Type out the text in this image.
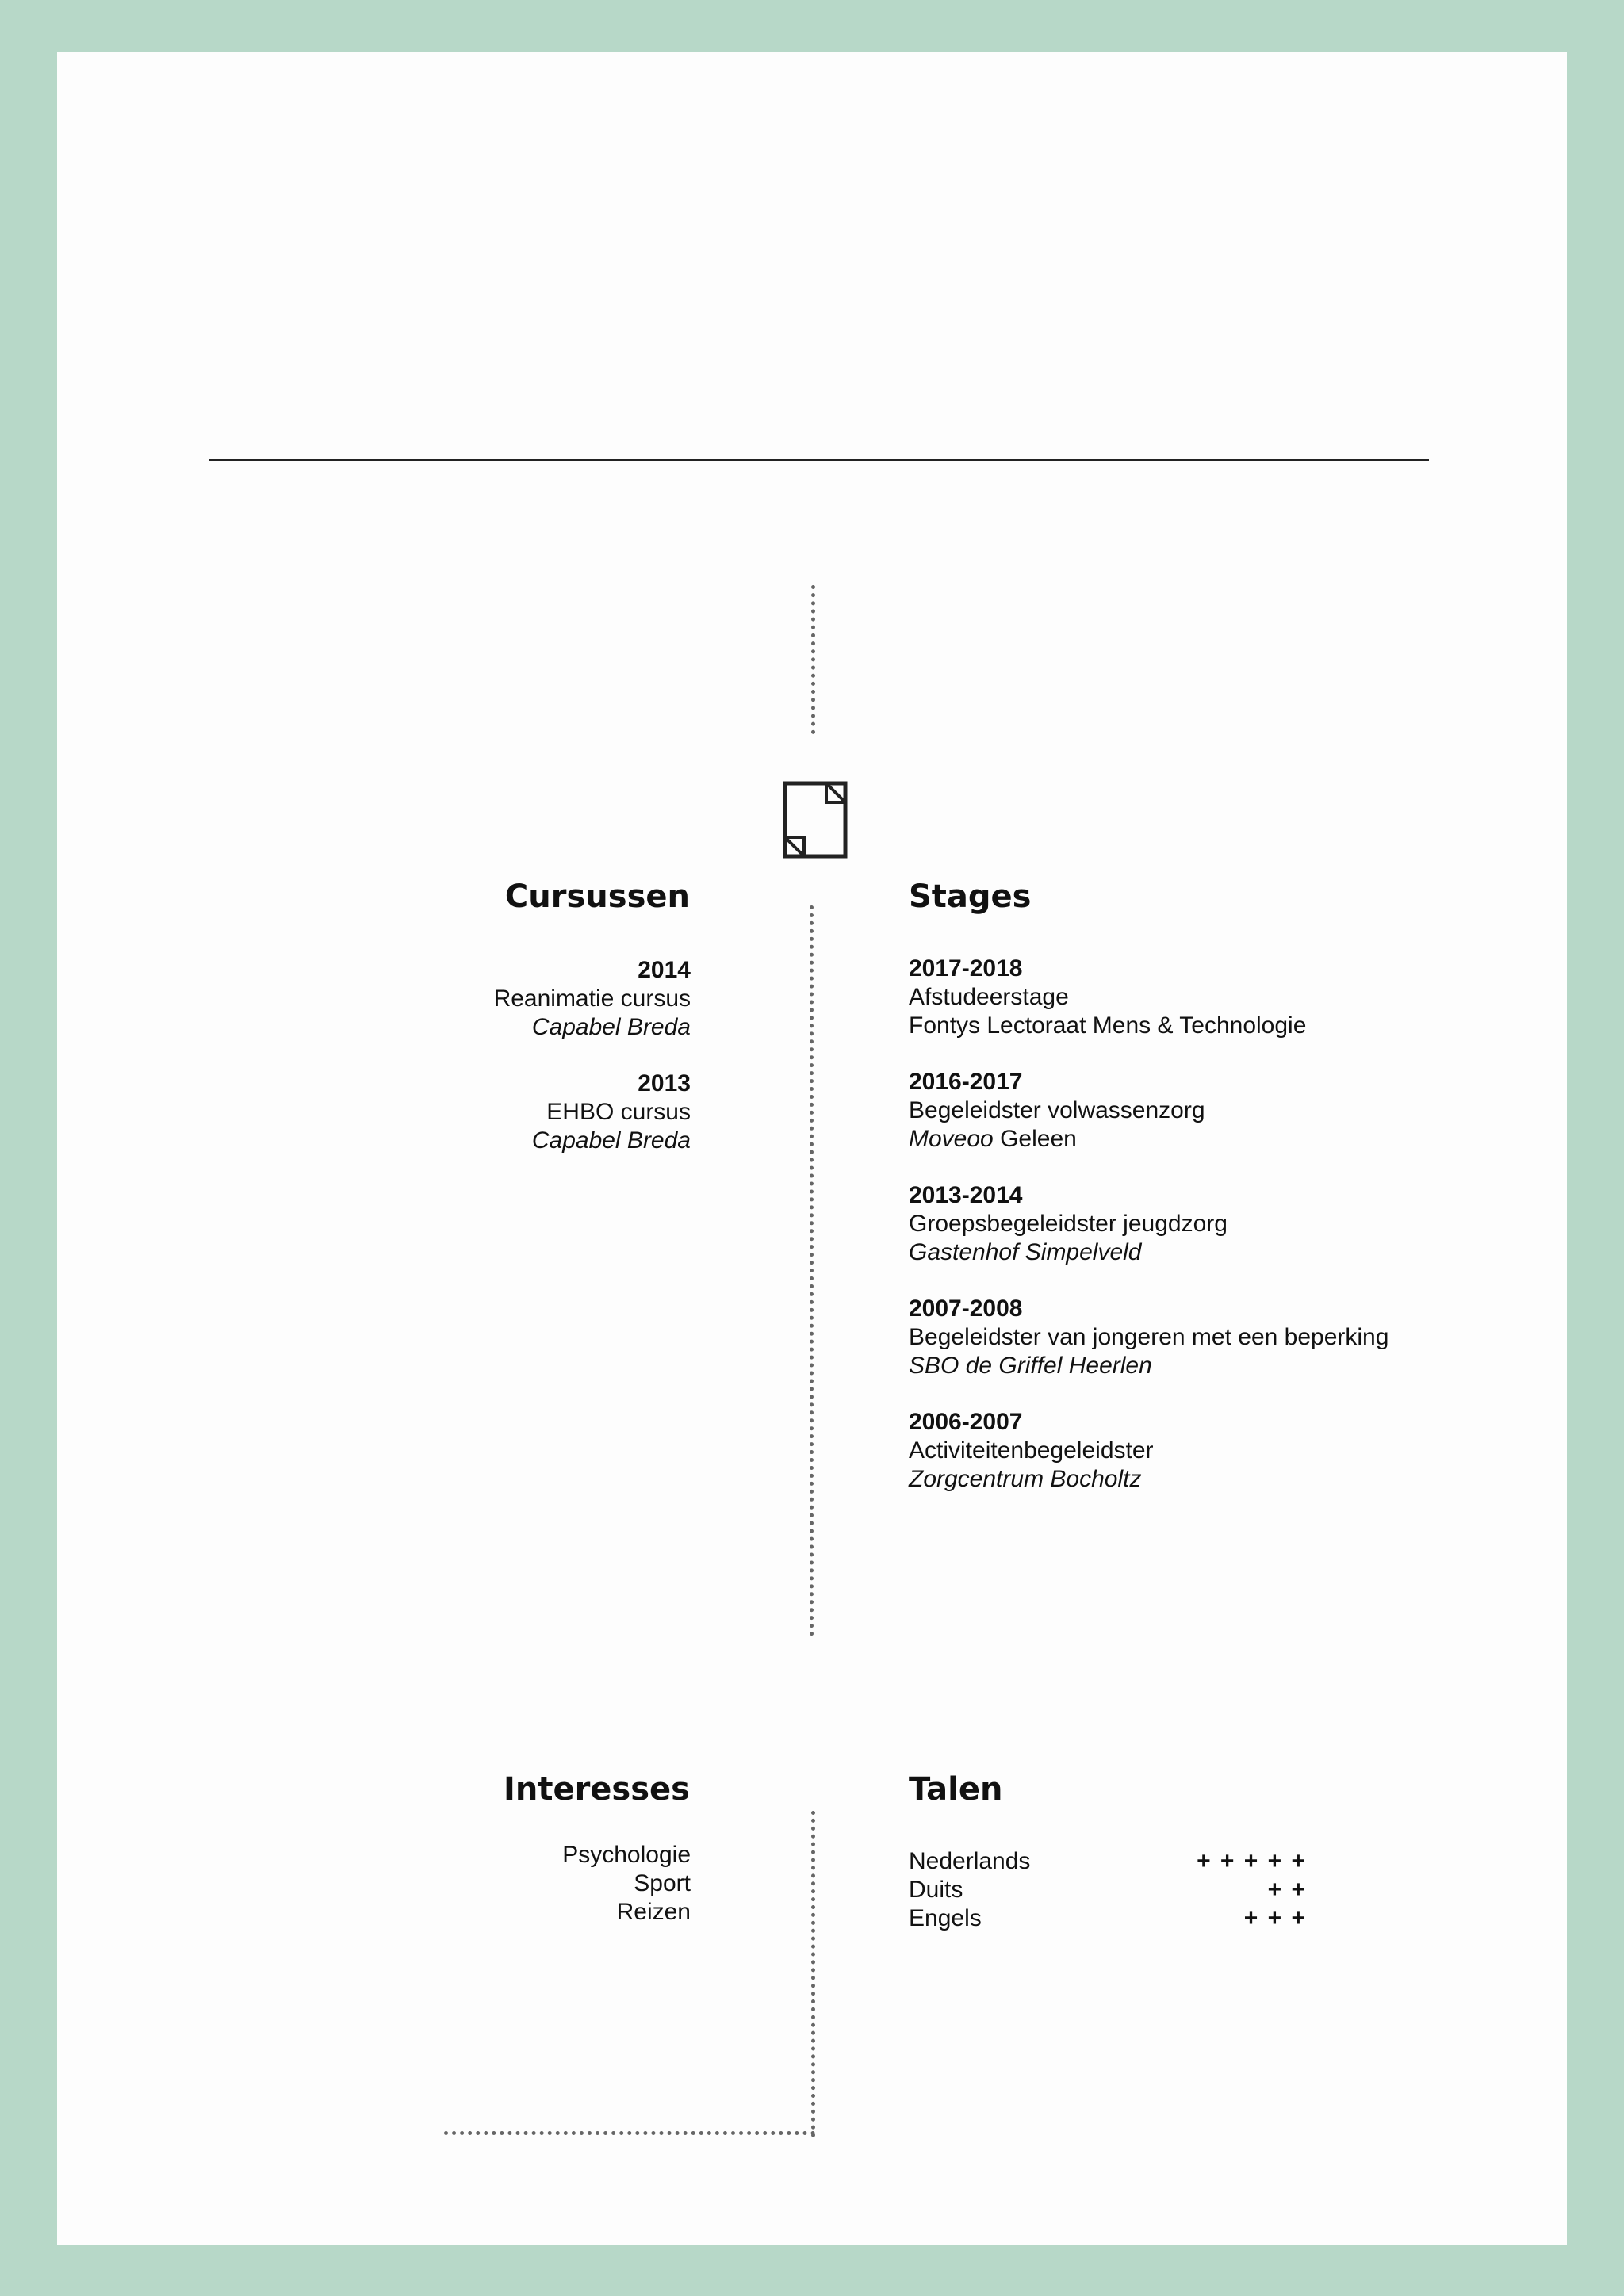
Cursussen
2014
Reanimatie cursus
Capabel Breda
2013
EHBO cursus
Capabel Breda
Stages
2017-2018
Afstudeerstage
Fontys Lectoraat Mens & Technologie
2016-2017
Begeleidster volwassenzorg
Moveoo Geleen
2013-2014
Groepsbegeleidster jeugdzorg
Gastenhof Simpelveld
2007-2008
Begeleidster van jongeren met een beperking
SBO de Griffel Heerlen
2006-2007
Activiteitenbegeleidster
Zorgcentrum Bocholtz
Interesses
Psychologie
Sport
Reizen
Talen
Nederlands	+ + + + +
Duits	+ +
Engels	+ + +
